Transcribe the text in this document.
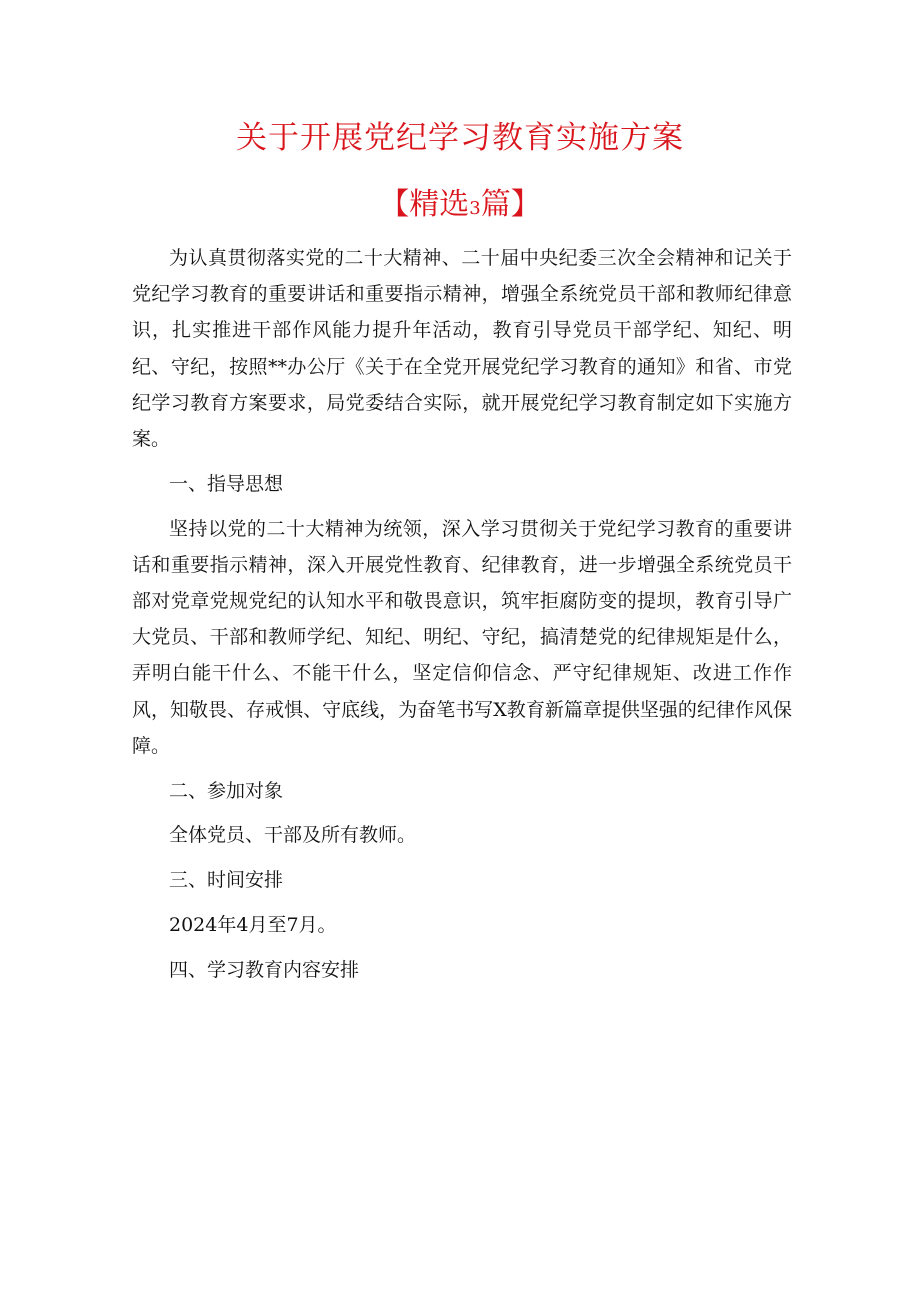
关于开展党纪学习教育实施方案
【精选3篇】

为认真贯彻落实党的二十大精神、二十届中央纪委三次全会精神和记关于党纪学习教育的重要讲话和重要指示精神，增强全系统党员干部和教师纪律意识，扎实推进干部作风能力提升年活动，教育引导党员干部学纪、知纪、明纪、守纪，按照**办公厅《关于在全党开展党纪学习教育的通知》和省、市党纪学习教育方案要求，局党委结合实际，就开展党纪学习教育制定如下实施方案。

一、指导思想

坚持以党的二十大精神为统领，深入学习贯彻关于党纪学习教育的重要讲话和重要指示精神，深入开展党性教育、纪律教育，进一步增强全系统党员干部对党章党规党纪的认知水平和敬畏意识，筑牢拒腐防变的提坝，教育引导广大党员、干部和教师学纪、知纪、明纪、守纪，搞清楚党的纪律规矩是什么，弄明白能干什么、不能干什么，坚定信仰信念、严守纪律规矩、改进工作作风，知敬畏、存戒惧、守底线，为奋笔书写X教育新篇章提供坚强的纪律作风保障。

二、参加对象

全体党员、干部及所有教师。

三、时间安排

2024年4月至7月。

四、学习教育内容安排
